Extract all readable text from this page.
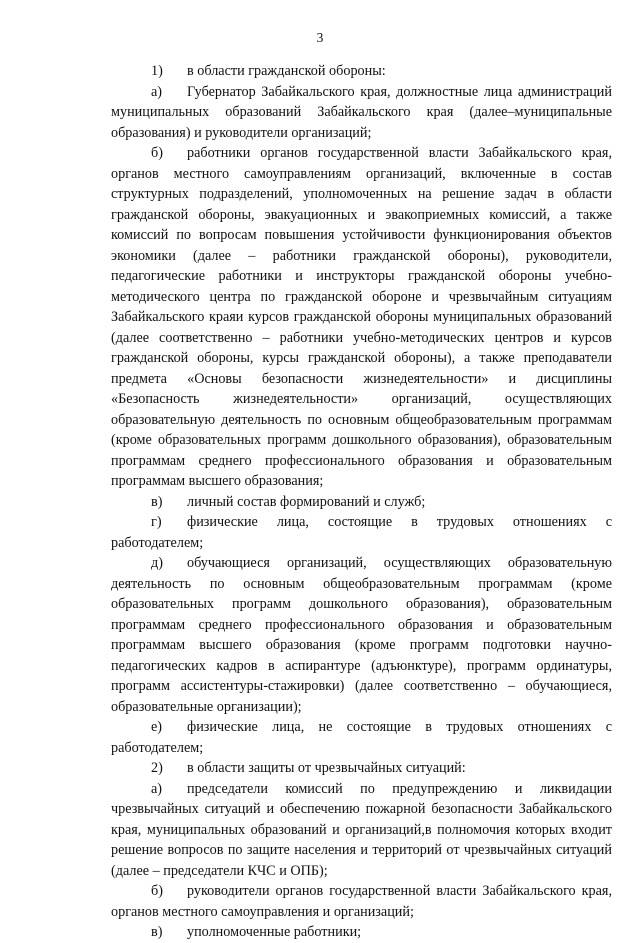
3

1) в области гражданской обороны:

а) Губернатор Забайкальского края, должностные лица администраций муниципальных образований Забайкальского края (далее–муниципальные образования) и руководители организаций;

б) работники органов государственной власти Забайкальского края, органов местного самоуправлениям организаций, включенные в состав структурных подразделений, уполномоченных на решение задач в области гражданской обороны, эвакуационных и эвакоприемных комиссий, а также комиссий по вопросам повышения устойчивости функционирования объектов экономики (далее – работники гражданской обороны), руководители, педагогические работники и инструкторы гражданской обороны учебно-методического центра по гражданской обороне и чрезвычайным ситуациям Забайкальского краяи курсов гражданской обороны муниципальных образований (далее соответственно – работники учебно-методических центров и курсов гражданской обороны, курсы гражданской обороны), а также преподаватели предмета «Основы безопасности жизнедеятельности» и дисциплины «Безопасность жизнедеятельности» организаций, осуществляющих образовательную деятельность по основным общеобразовательным программам (кроме образовательных программ дошкольного образования), образовательным программам среднего профессионального образования и образовательным программам высшего образования;

в) личный состав формирований и служб;

г) физические лица, состоящие в трудовых отношениях с работодателем;

д) обучающиеся организаций, осуществляющих образовательную деятельность по основным общеобразовательным программам (кроме образовательных программ дошкольного образования), образовательным программам среднего профессионального образования и образовательным программам высшего образования (кроме программ подготовки научно-педагогических кадров в аспирантуре (адъюнктуре), программ ординатуры, программ ассистентуры-стажировки) (далее соответственно – обучающиеся, образовательные организации);

е) физические лица, не состоящие в трудовых отношениях с работодателем;

2) в области защиты от чрезвычайных ситуаций:

а) председатели комиссий по предупреждению и ликвидации чрезвычайных ситуаций и обеспечению пожарной безопасности Забайкальского края, муниципальных образований и организаций,в полномочия которых входит решение вопросов по защите населения и территорий от чрезвычайных ситуаций (далее – председатели КЧС и ОПБ);

б) руководители органов государственной власти Забайкальского края, органов местного самоуправления и организаций;

в) уполномоченные работники;
